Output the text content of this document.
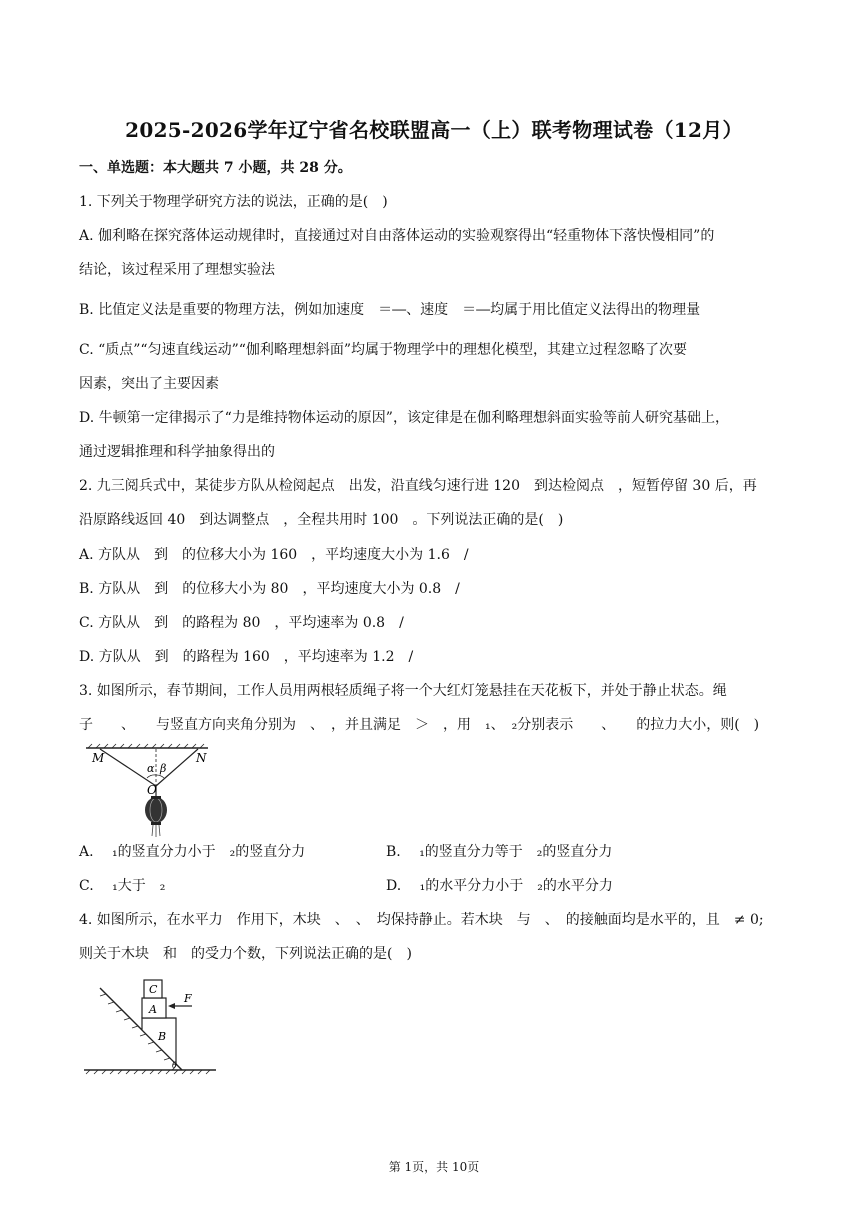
2025-2026学年辽宁省名校联盟高一（上）联考物理试卷（12月）
一、单选题：本大题共 7 小题，共 28 分。
1. 下列关于物理学研究方法的说法，正确的是(　)
A. 伽利略在探究落体运动规律时，直接通过对自由落体运动的实验观察得出“轻重物体下落快慢相同”的
结论，该过程采用了理想实验法
B. 比值定义法是重要的物理方法，例如加速度　＝―、速度　＝―均属于用比值定义法得出的物理量
C. “质点”“匀速直线运动”“伽利略理想斜面”均属于物理学中的理想化模型，其建立过程忽略了次要
因素，突出了主要因素
D. 牛顿第一定律揭示了“力是维持物体运动的原因”，该定律是在伽利略理想斜面实验等前人研究基础上，
通过逻辑推理和科学抽象得出的
2. 九三阅兵式中，某徒步方队从检阅起点　出发，沿直线匀速行进 120　到达检阅点　，短暂停留 30 后，再
沿原路线返回 40　到达调整点　，全程共用时 100　。下列说法正确的是(　)
A. 方队从　到　的位移大小为 160　，平均速度大小为 1.6　/
B. 方队从　到　的位移大小为 80　，平均速度大小为 0.8　/
C. 方队从　到　的路程为 80　，平均速率为 0.8　/
D. 方队从　到　的路程为 160　，平均速率为 1.2　/
3. 如图所示，春节期间，工作人员用两根轻质绳子将一个大红灯笼悬挂在天花板下，并处于静止状态。绳
子　　、　　与竖直方向夹角分别为　、　，并且满足　＞　，用　₁、　₂分别表示　　、　　的拉力大小，则(　)
M	N
O
α β
A. 　₁的竖直分力小于　₂的竖直分力	B. 　₁的竖直分力等于　₂的竖直分力
C. 　₁大于　₂	D. 　₁的水平分力小于　₂的水平分力
4. 如图所示，在水平力　作用下，木块　、　、　均保持静止。若木块　与　、　的接触面均是水平的，且　≠ 0;
则关于木块　和　的受力个数，下列说法正确的是(　)
C
A
B
F
θ
第 1页，共 10页
